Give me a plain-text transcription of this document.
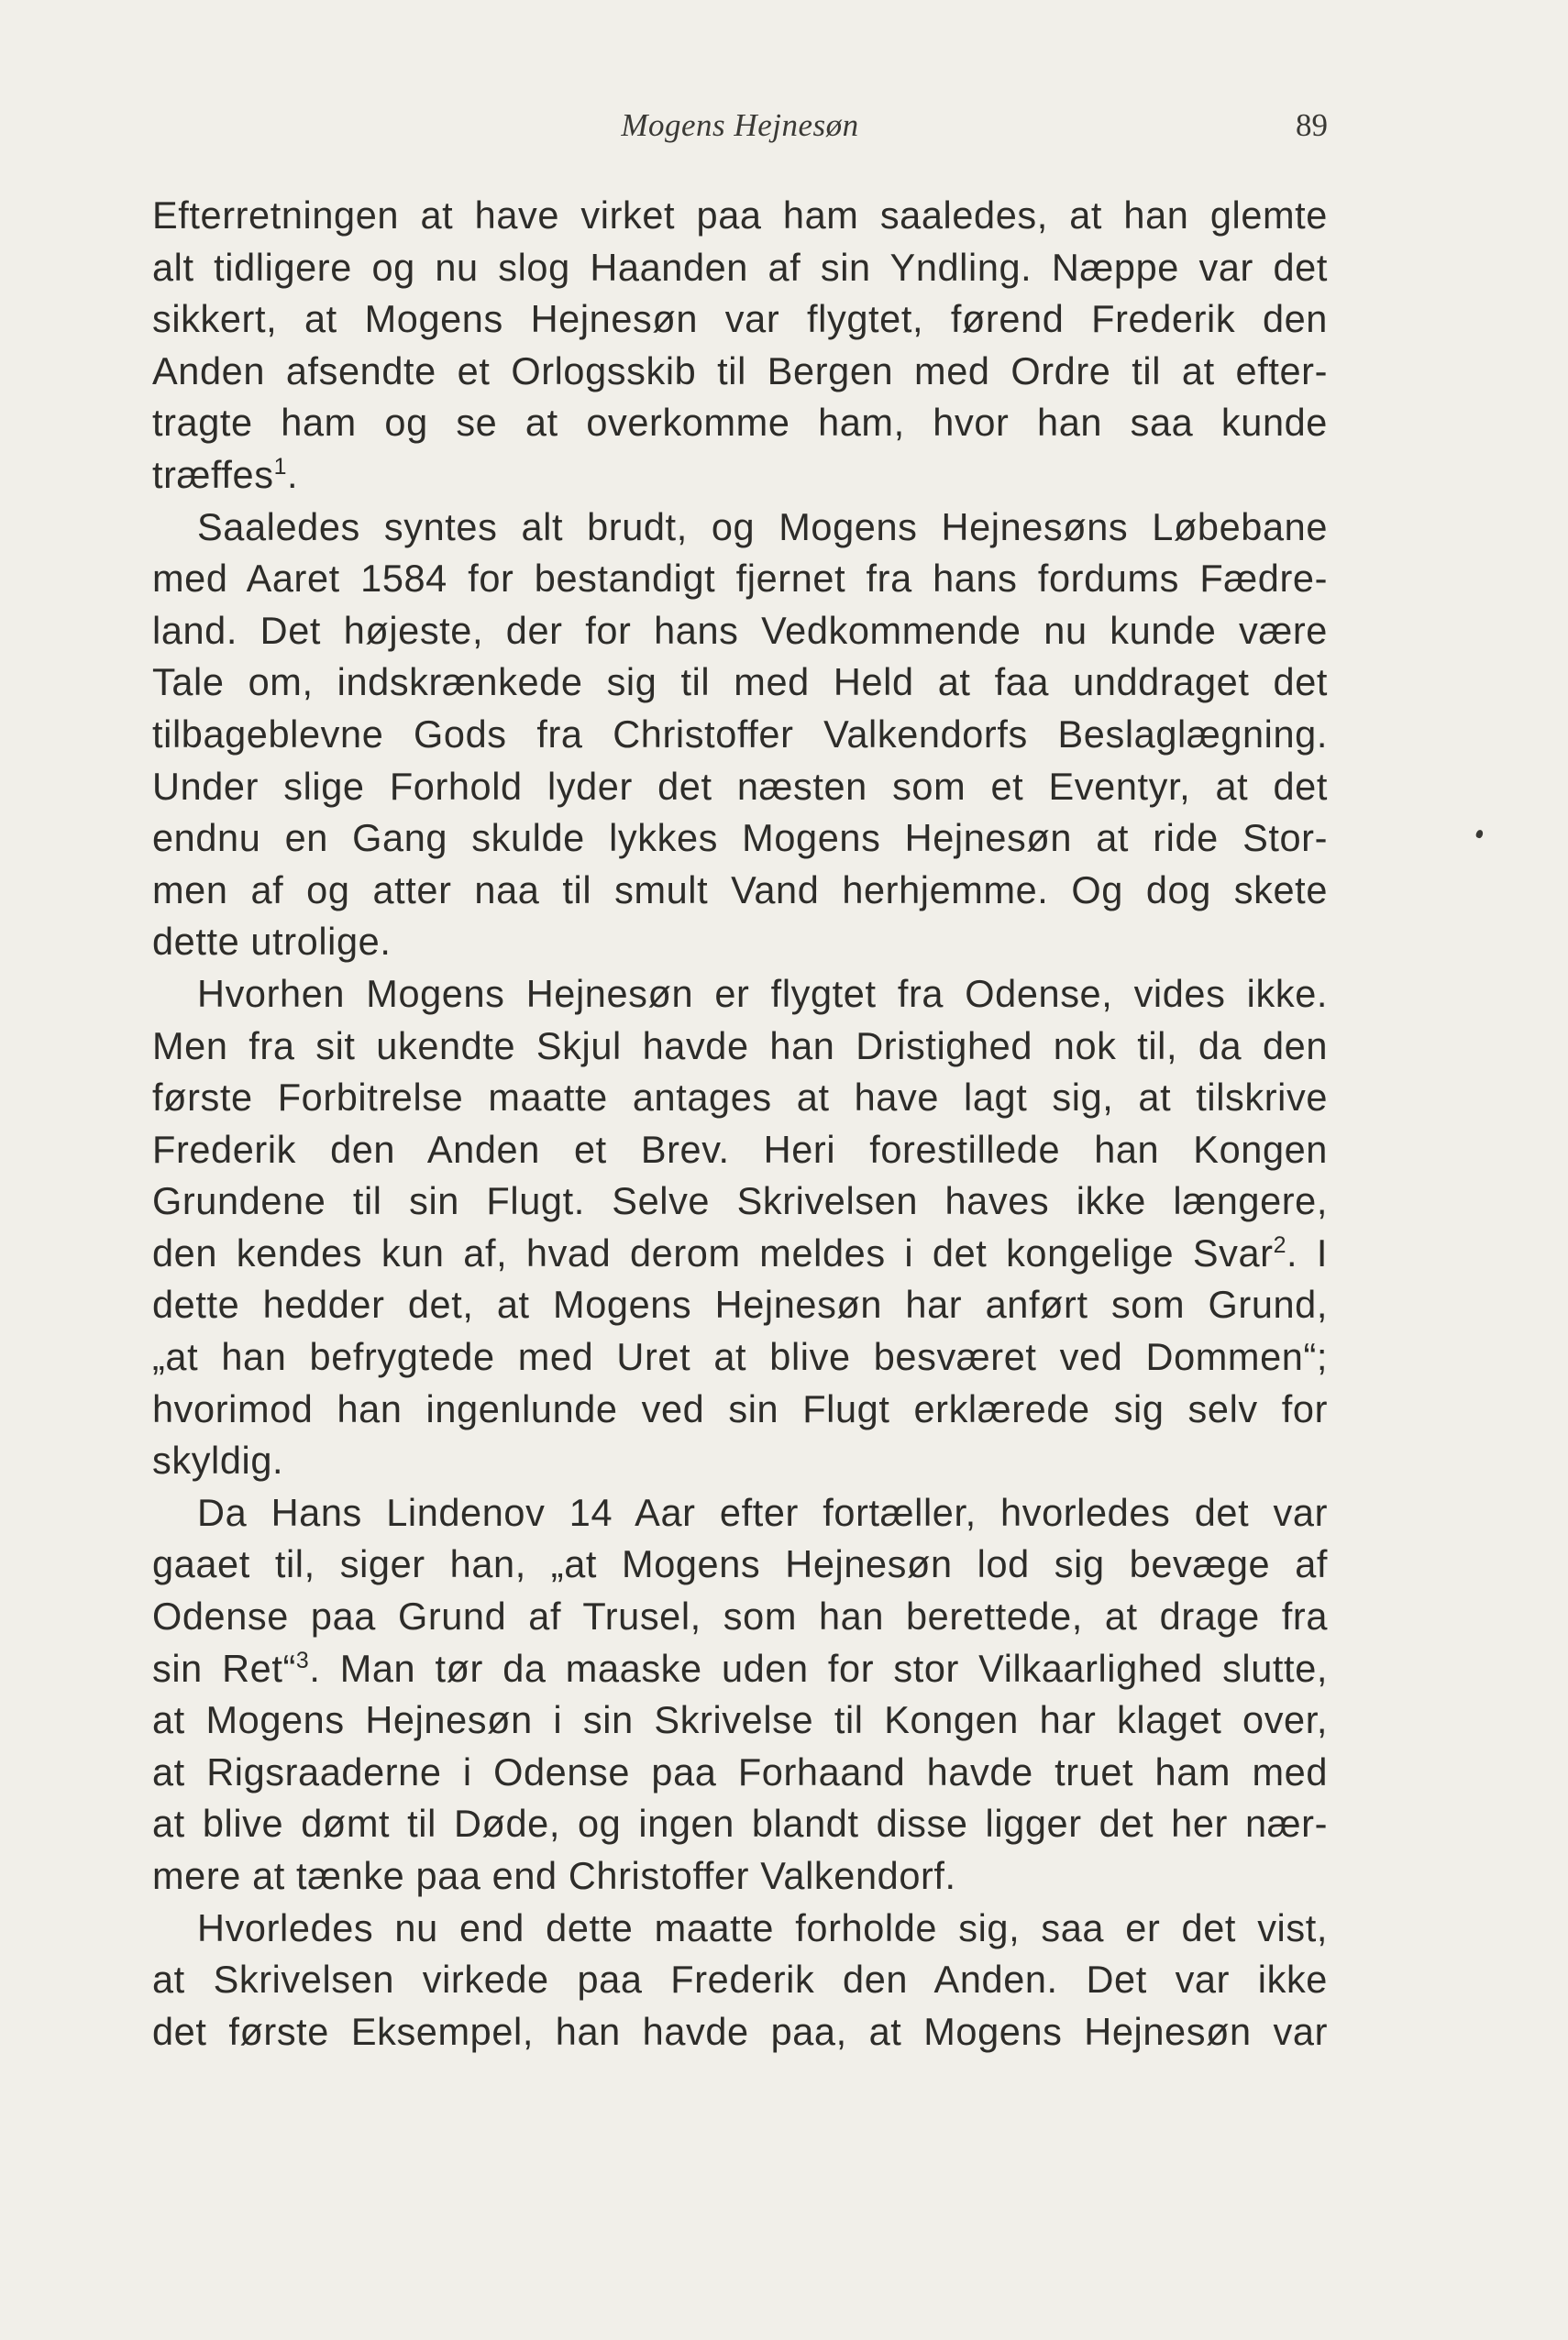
Mogens Hejnesøn	89
Efterretningen at have virket paa ham saaledes, at han glemte
alt tidligere og nu slog Haanden af sin Yndling. Næppe var det
sikkert, at Mogens Hejnesøn var flygtet, førend Frederik den
Anden afsendte et Orlogsskib til Bergen med Ordre til at efter-
tragte ham og se at overkomme ham, hvor han saa kunde
træffes$^1$.
Saaledes syntes alt brudt, og Mogens Hejnesøns Løbebane
med Aaret 1584 for bestandigt fjernet fra hans fordums Fædre-
land. Det højeste, der for hans Vedkommende nu kunde være
Tale om, indskrænkede sig til med Held at faa unddraget det
tilbageblevne Gods fra Christoffer Valkendorfs Beslaglægning.
Under slige Forhold lyder det næsten som et Eventyr, at det
endnu en Gang skulde lykkes Mogens Hejnesøn at ride Stor-
men af og atter naa til smult Vand herhjemme. Og dog skete
dette utrolige.
Hvorhen Mogens Hejnesøn er flygtet fra Odense, vides ikke.
Men fra sit ukendte Skjul havde han Dristighed nok til, da den
første Forbitrelse maatte antages at have lagt sig, at tilskrive
Frederik den Anden et Brev. Heri forestillede han Kongen
Grundene til sin Flugt. Selve Skrivelsen haves ikke længere,
den kendes kun af, hvad derom meldes i det kongelige Svar$^2$. I
dette hedder det, at Mogens Hejnesøn har anført som Grund,
„at han befrygtede med Uret at blive besværet ved Dommen“;
hvorimod han ingenlunde ved sin Flugt erklærede sig selv for
skyldig.
Da Hans Lindenov 14 Aar efter fortæller, hvorledes det var
gaaet til, siger han, „at Mogens Hejnesøn lod sig bevæge af
Odense paa Grund af Trusel, som han berettede, at drage fra
sin Ret“$^3$. Man tør da maaske uden for stor Vilkaarlighed slutte,
at Mogens Hejnesøn i sin Skrivelse til Kongen har klaget over,
at Rigsraaderne i Odense paa Forhaand havde truet ham med
at blive dømt til Døde, og ingen blandt disse ligger det her nær-
mere at tænke paa end Christoffer Valkendorf.
Hvorledes nu end dette maatte forholde sig, saa er det vist,
at Skrivelsen virkede paa Frederik den Anden. Det var ikke
det første Eksempel, han havde paa, at Mogens Hejnesøn var
